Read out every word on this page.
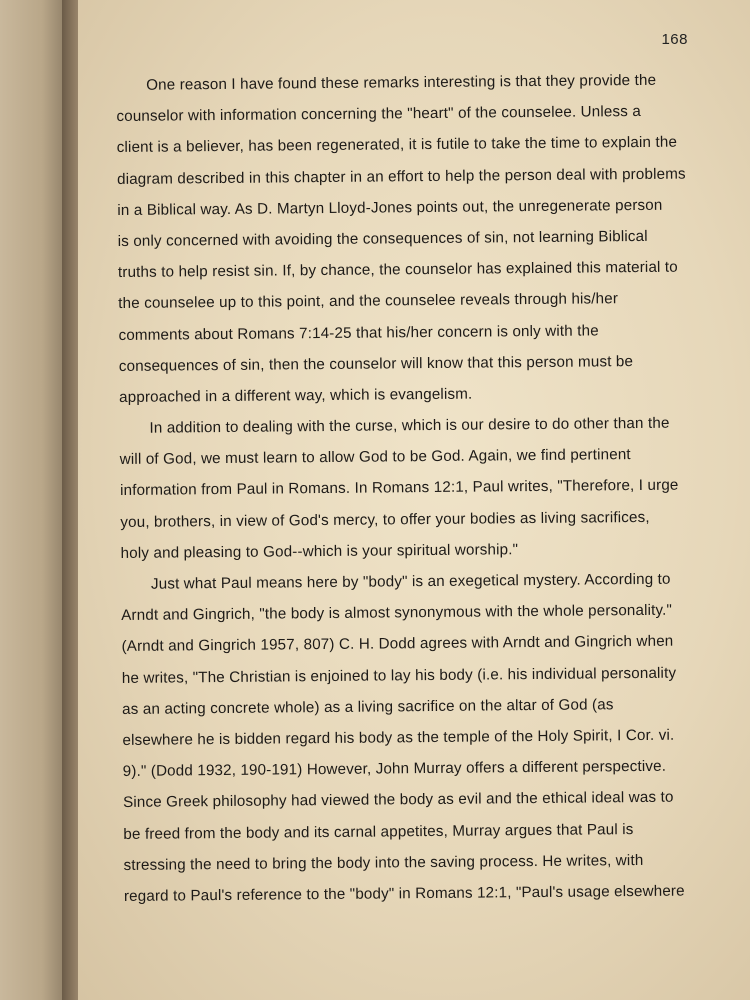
168
One reason I have found these remarks interesting is that they provide the
counselor with information concerning the "heart" of the counselee. Unless a
client is a believer, has been regenerated, it is futile to take the time to explain the
diagram described in this chapter in an effort to help the person deal with problems
in a Biblical way. As D. Martyn Lloyd-Jones points out, the unregenerate person
is only concerned with avoiding the consequences of sin, not learning Biblical
truths to help resist sin. If, by chance, the counselor has explained this material to
the counselee up to this point, and the counselee reveals through his/her
comments about Romans 7:14-25 that his/her concern is only with the
consequences of sin, then the counselor will know that this person must be
approached in a different way, which is evangelism.
In addition to dealing with the curse, which is our desire to do other than the
will of God, we must learn to allow God to be God. Again, we find pertinent
information from Paul in Romans. In Romans 12:1, Paul writes, "Therefore, I urge
you, brothers, in view of God's mercy, to offer your bodies as living sacrifices,
holy and pleasing to God--which is your spiritual worship."
Just what Paul means here by "body" is an exegetical mystery. According to
Arndt and Gingrich, "the body is almost synonymous with the whole personality."
(Arndt and Gingrich 1957, 807) C. H. Dodd agrees with Arndt and Gingrich when
he writes, "The Christian is enjoined to lay his body (i.e. his individual personality
as an acting concrete whole) as a living sacrifice on the altar of God (as
elsewhere he is bidden regard his body as the temple of the Holy Spirit, I Cor. vi.
9)." (Dodd 1932, 190-191) However, John Murray offers a different perspective.
Since Greek philosophy had viewed the body as evil and the ethical ideal was to
be freed from the body and its carnal appetites, Murray argues that Paul is
stressing the need to bring the body into the saving process. He writes, with
regard to Paul's reference to the "body" in Romans 12:1, "Paul's usage elsewhere
